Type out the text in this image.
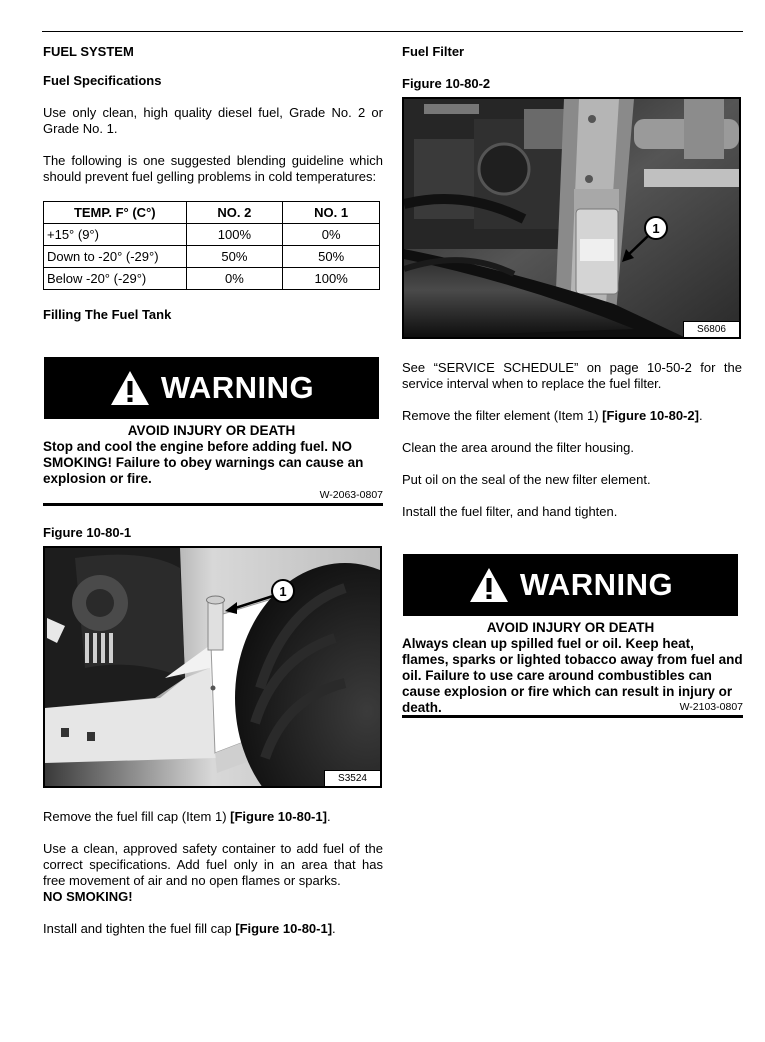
FUEL SYSTEM
Fuel Specifications

Use only clean, high quality diesel fuel, Grade No. 2 or Grade No. 1.

The following is one suggested blending guideline which should prevent fuel gelling problems in cold temperatures:

TEMP. F° (C°)	NO. 2	NO. 1
+15° (9°)	100%	0%
Down to -20° (-29°)	50%	50%
Below -20° (-29°)	0%	100%
Filling The Fuel Tank
WARNING
AVOID INJURY OR DEATH
Stop and cool the engine before adding fuel. NO SMOKING! Failure to obey warnings can cause an explosion or fire.
W-2063-0807
Figure 10-80-1
1
S3524

Remove the fuel fill cap (Item 1) [Figure 10-80-1].

Use a clean, approved safety container to add fuel of the correct specifications. Add fuel only in an area that has free movement of air and no open flames or sparks.

NO SMOKING!

Install and tighten the fuel fill cap [Figure 10-80-1].

Fuel Filter
Figure 10-80-2
1
S6806

See “SERVICE SCHEDULE” on page 10-50-2 for the service interval when to replace the fuel filter.

Remove the filter element (Item 1) [Figure 10-80-2].

Clean the area around the filter housing.

Put oil on the seal of the new filter element.

Install the fuel filter, and hand tighten.

WARNING
AVOID INJURY OR DEATH
Always clean up spilled fuel or oil. Keep heat, flames, sparks or lighted tobacco away from fuel and oil. Failure to use care around combustibles can cause explosion or fire which can result in injury or death.	W-2103-0807
